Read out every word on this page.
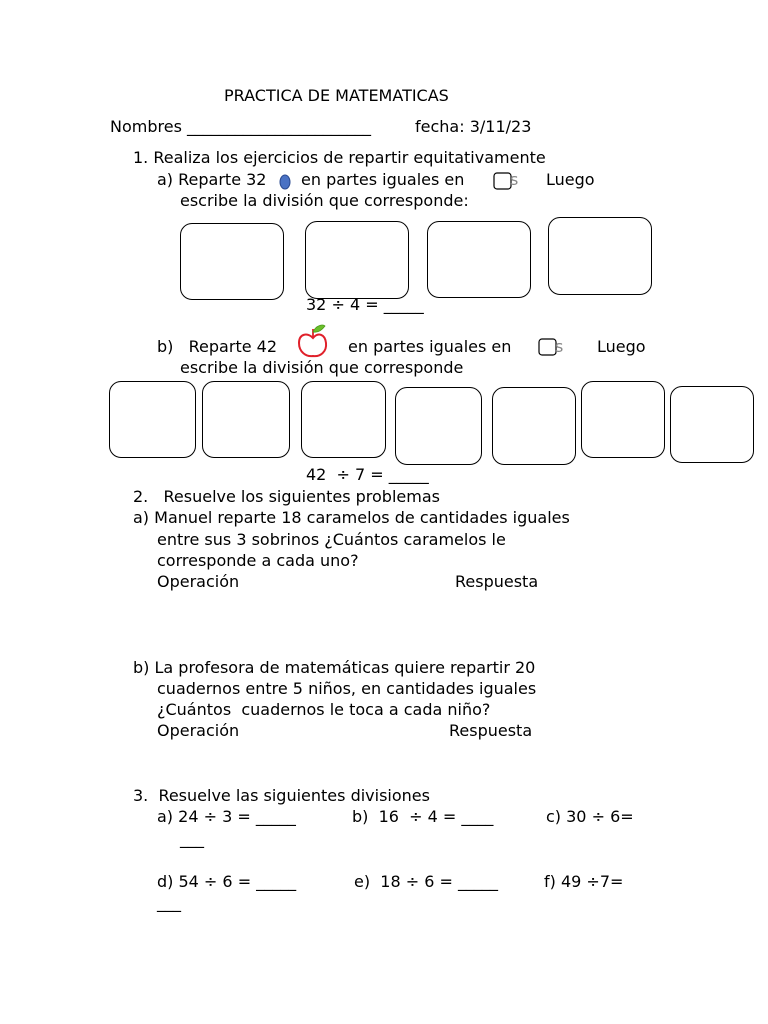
PRACTICA DE MATEMATICAS
Nombres _______________________	fecha: 3/11/23
1. Realiza los ejercicios de repartir equitativamente
a) Reparte 32 en partes iguales en	s Luego
escribe la división que corresponde:
32 ÷ 4 = _____
b)   Reparte 42	en partes iguales en	s Luego
escribe la división que corresponde
42  ÷ 7 = _____
2.   Resuelve los siguientes problemas
a) Manuel reparte 18 caramelos de cantidades iguales
entre sus 3 sobrinos ¿Cuántos caramelos le
corresponde a cada uno?
Operación	Respuesta
b) La profesora de matemáticas quiere repartir 20
cuadernos entre 5 niños, en cantidades iguales
¿Cuántos  cuadernos le toca a cada niño?
Operación	Respuesta
3.  Resuelve las siguientes divisiones
a) 24 ÷ 3 = _____	b)  16  ÷ 4 = ____	c) 30 ÷ 6=
___
d) 54 ÷ 6 = _____	e)  18 ÷ 6 = _____	f) 49 ÷7=
___
